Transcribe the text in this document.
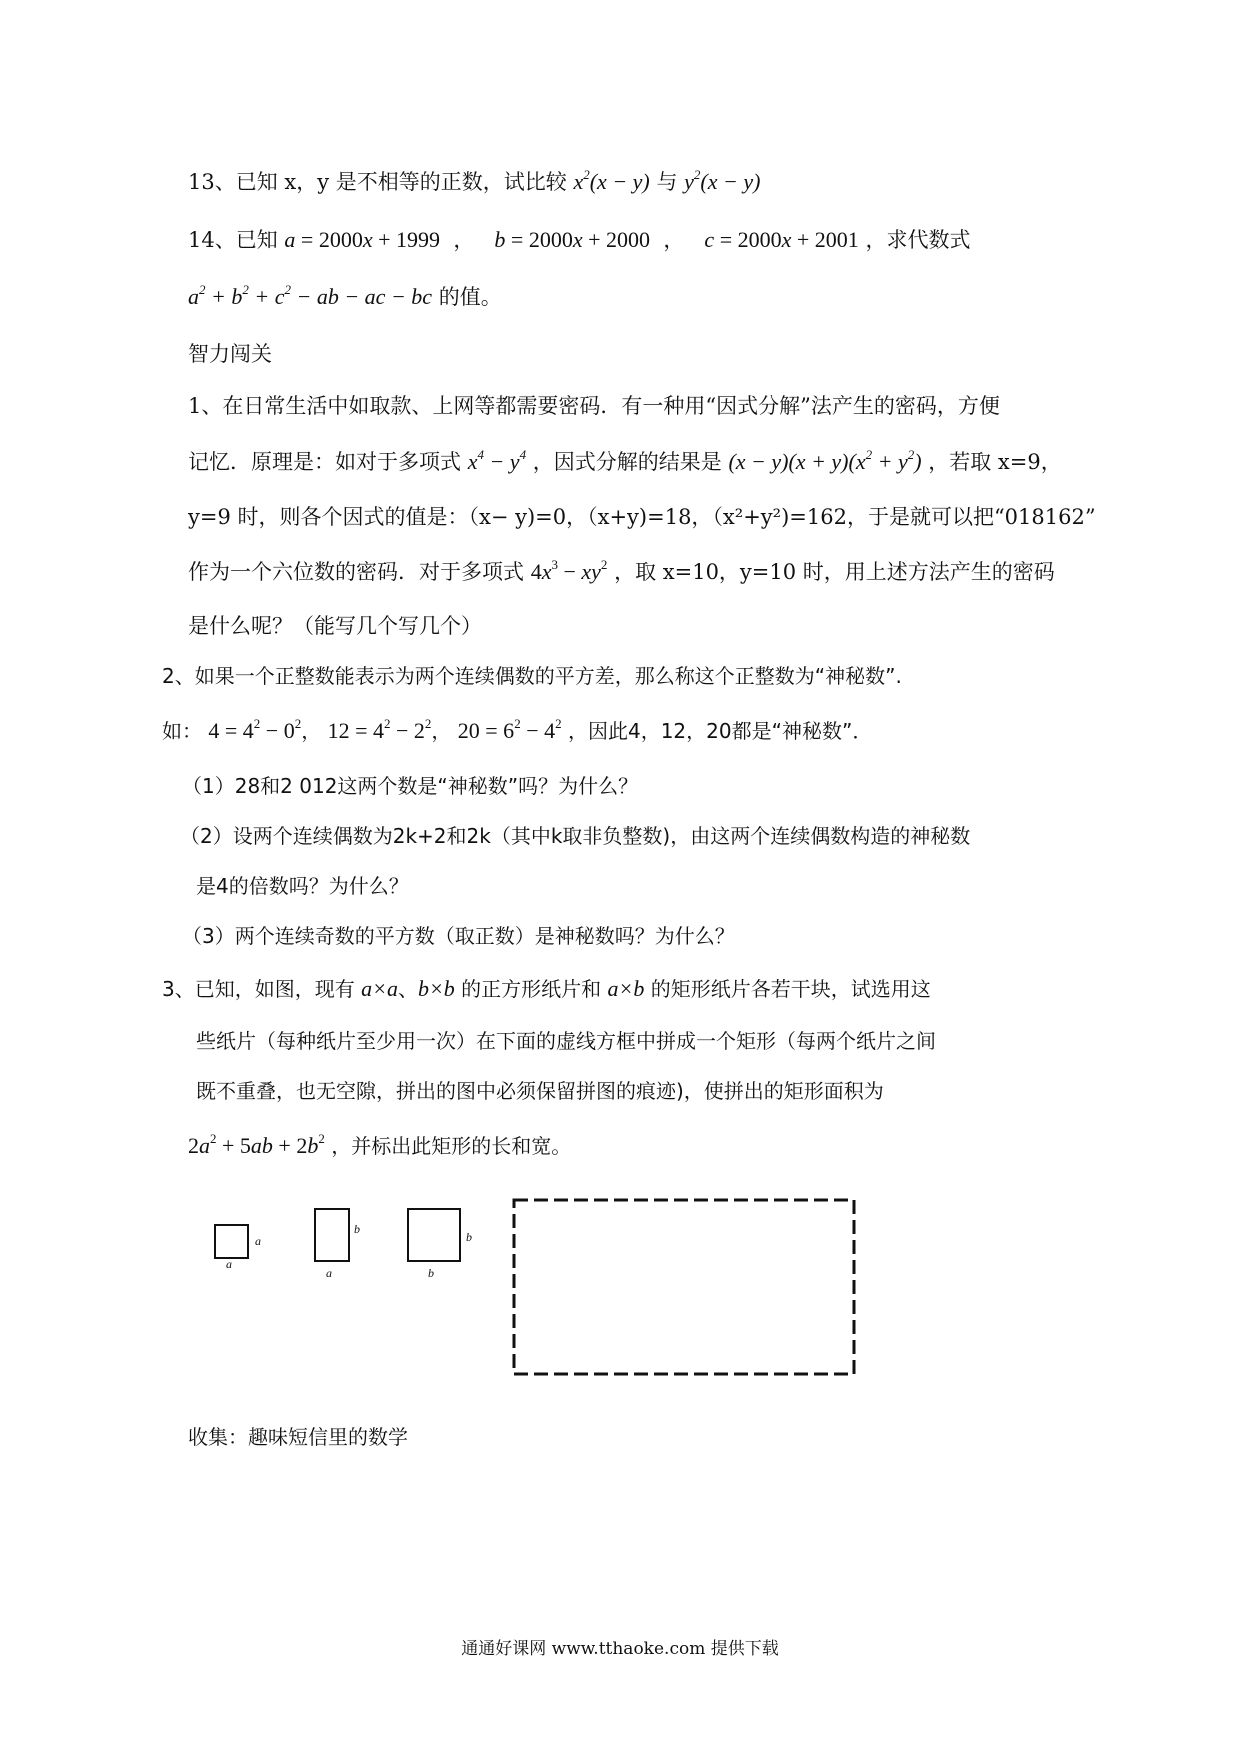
13、已知 x，y 是不相等的正数，试比较 $x^2(x - y)$ 与 $y^2(x - y)$
14、已知 a = 2000x + 1999  ，   b = 2000x + 2000  ，   c = 2000x + 2001 ，求代数式
$a^2 + b^2 + c^2$ − ab − ac − bc 的值。
智力闯关
1、在日常生活中如取款、上网等都需要密码．有一种用“因式分解”法产生的密码，方便
记忆．原理是：如对于多项式 $x^4 - y^4$ ，因式分解的结果是 $(x - y)(x + y)(x^2 + y^2)$ ，若取 x=9，
y=9 时，则各个因式的值是：（x− y)=0，（x+y)=18，（x²+y²)=162，于是就可以把“018162”
作为一个六位数的密码．对于多项式 $4x^3 - xy^2$ ，取 x=10，y=10 时，用上述方法产生的密码
是什么呢？（能写几个写几个）
2、如果一个正整数能表示为两个连续偶数的平方差，那么称这个正整数为“神秘数”.
如： $4 = 4^2 - 0^2$， $12 = 4^2 - 2^2$， $20 = 6^2 - 4^2$ ，因此4，12，20都是“神秘数”．
（1）28和2 012这两个数是“神秘数”吗？为什么？
（2）设两个连续偶数为2k+2和2k（其中k取非负整数)，由这两个连续偶数构造的神秘数
是4的倍数吗？为什么？
（3）两个连续奇数的平方数（取正数）是神秘数吗？为什么？
3、已知，如图，现有 a×a、b×b 的正方形纸片和 a×b 的矩形纸片各若干块，试选用这
些纸片（每种纸片至少用一次）在下面的虚线方框中拼成一个矩形（每两个纸片之间
既不重叠，也无空隙，拼出的图中必须保留拼图的痕迹)，使拼出的矩形面积为
$2a^2 + 5ab + 2b^2$ ，并标出此矩形的长和宽。
a
a
b
a
b
b
收集：趣味短信里的数学
通通好课网 www.tthaoke.com 提供下载
